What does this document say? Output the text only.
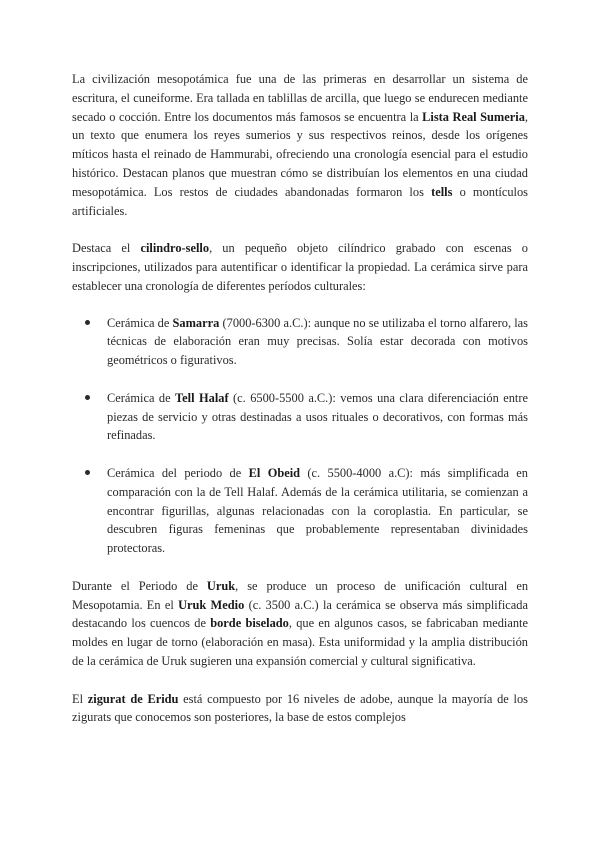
La civilización mesopotámica fue una de las primeras en desarrollar un sistema de escritura, el cuneiforme. Era tallada en tablillas de arcilla, que luego se endurecen mediante secado o cocción. Entre los documentos más famosos se encuentra la Lista Real Sumeria, un texto que enumera los reyes sumerios y sus respectivos reinos, desde los orígenes míticos hasta el reinado de Hammurabi, ofreciendo una cronología esencial para el estudio histórico. Destacan planos que muestran cómo se distribuían los elementos en una ciudad mesopotámica. Los restos de ciudades abandonadas formaron los tells o montículos artificiales.

Destaca el cilindro-sello, un pequeño objeto cilíndrico grabado con escenas o inscripciones, utilizados para autentificar o identificar la propiedad. La cerámica sirve para establecer una cronología de diferentes períodos culturales:

Cerámica de Samarra (7000-6300 a.C.): aunque no se utilizaba el torno alfarero, las técnicas de elaboración eran muy precisas. Solía estar decorada con motivos geométricos o figurativos.
Cerámica de Tell Halaf (c. 6500-5500 a.C.): vemos una clara diferenciación entre piezas de servicio y otras destinadas a usos rituales o decorativos, con formas más refinadas.
Cerámica del periodo de El Obeid (c. 5500-4000 a.C): más simplificada en comparación con la de Tell Halaf. Además de la cerámica utilitaria, se comienzan a encontrar figurillas, algunas relacionadas con la coroplastia. En particular, se descubren figuras femeninas que probablemente representaban divinidades protectoras.

Durante el Periodo de Uruk, se produce un proceso de unificación cultural en Mesopotamia. En el Uruk Medio (c. 3500 a.C.) la cerámica se observa más simplificada destacando los cuencos de borde biselado, que en algunos casos, se fabricaban mediante moldes en lugar de torno (elaboración en masa). Esta uniformidad y la amplia distribución de la cerámica de Uruk sugieren una expansión comercial y cultural significativa.

El zigurat de Eridu está compuesto por 16 niveles de adobe, aunque la mayoría de los zigurats que conocemos son posteriores, la base de estos complejos
